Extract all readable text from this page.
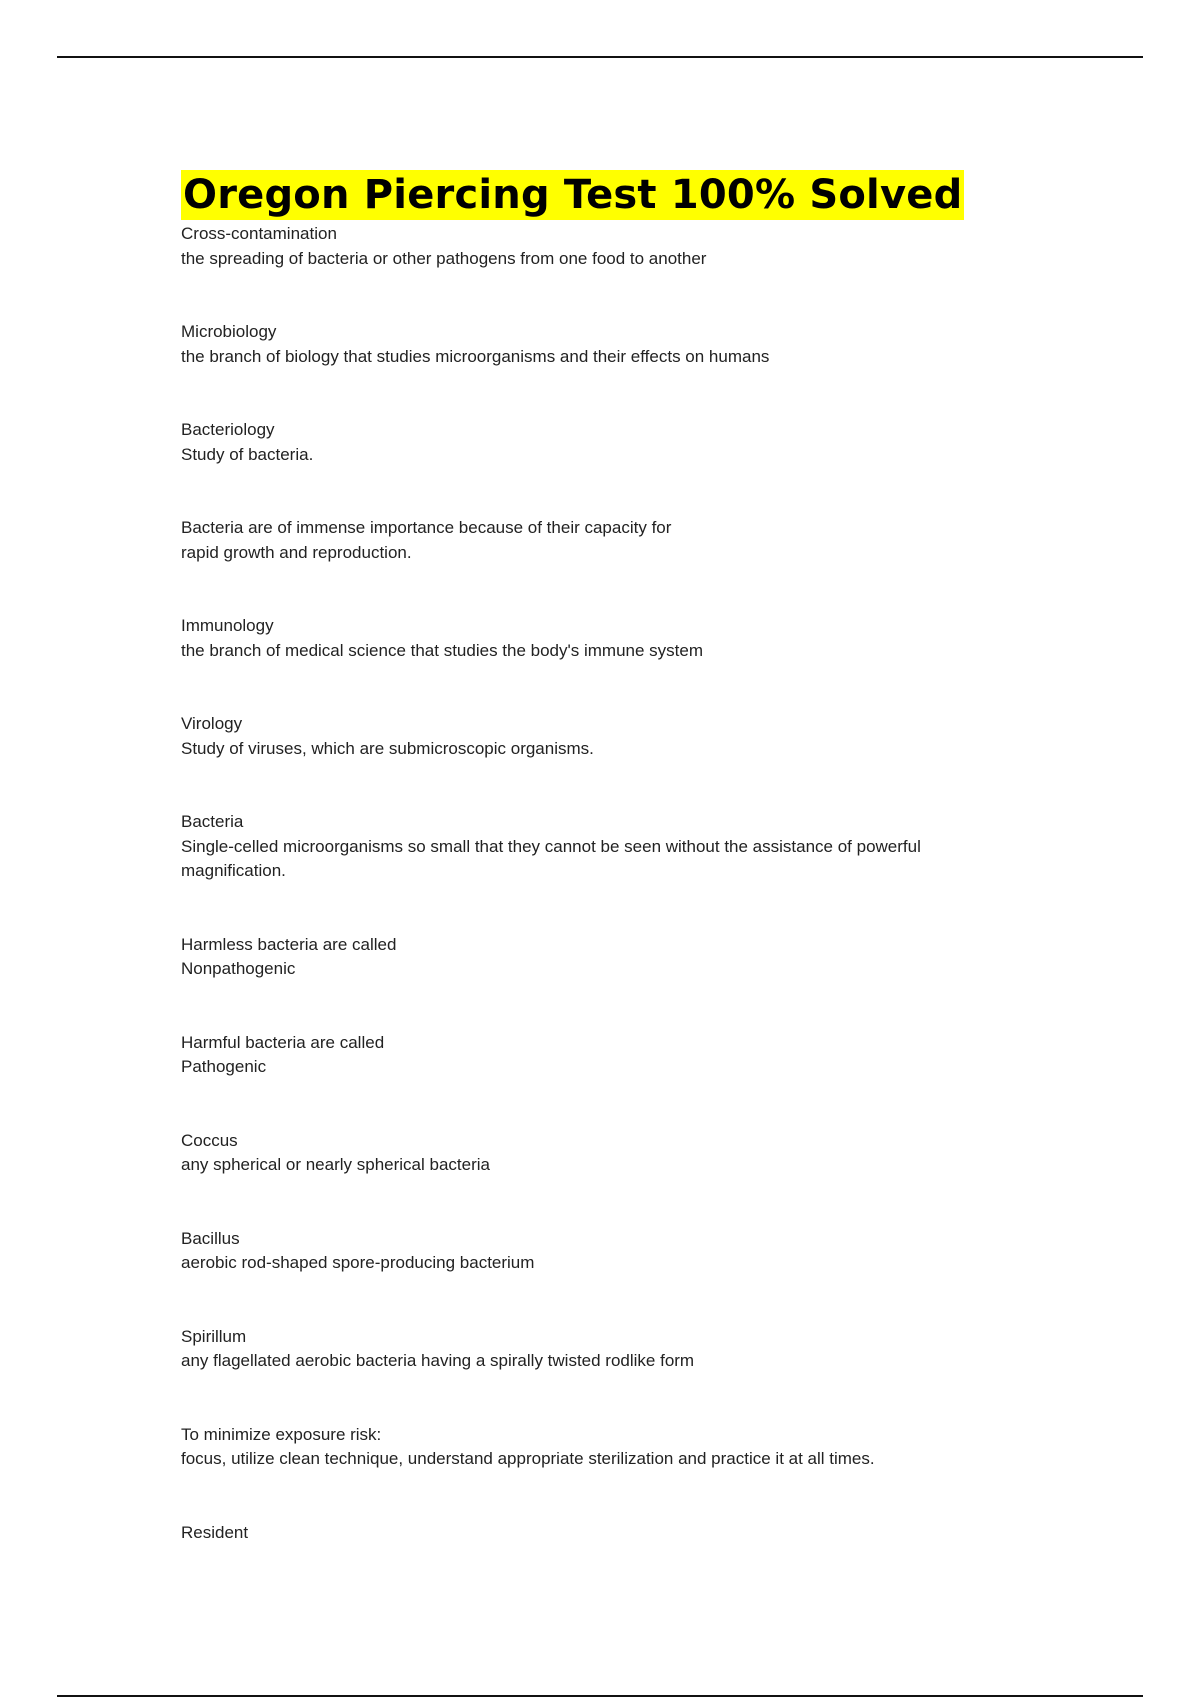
Oregon Piercing Test 100% Solved
Cross-contamination
the spreading of bacteria or other pathogens from one food to another
Microbiology
the branch of biology that studies microorganisms and their effects on humans
Bacteriology
Study of bacteria.
Bacteria are of immense importance because of their capacity for
rapid growth and reproduction.
Immunology
the branch of medical science that studies the body's immune system
Virology
Study of viruses, which are submicroscopic organisms.
Bacteria
Single-celled microorganisms so small that they cannot be seen without the assistance of powerful magnification.
Harmless bacteria are called
Nonpathogenic
Harmful bacteria are called
Pathogenic
Coccus
any spherical or nearly spherical bacteria
Bacillus
aerobic rod-shaped spore-producing bacterium
Spirillum
any flagellated aerobic bacteria having a spirally twisted rodlike form
To minimize exposure risk:
focus, utilize clean technique, understand appropriate sterilization and practice it at all times.
Resident
